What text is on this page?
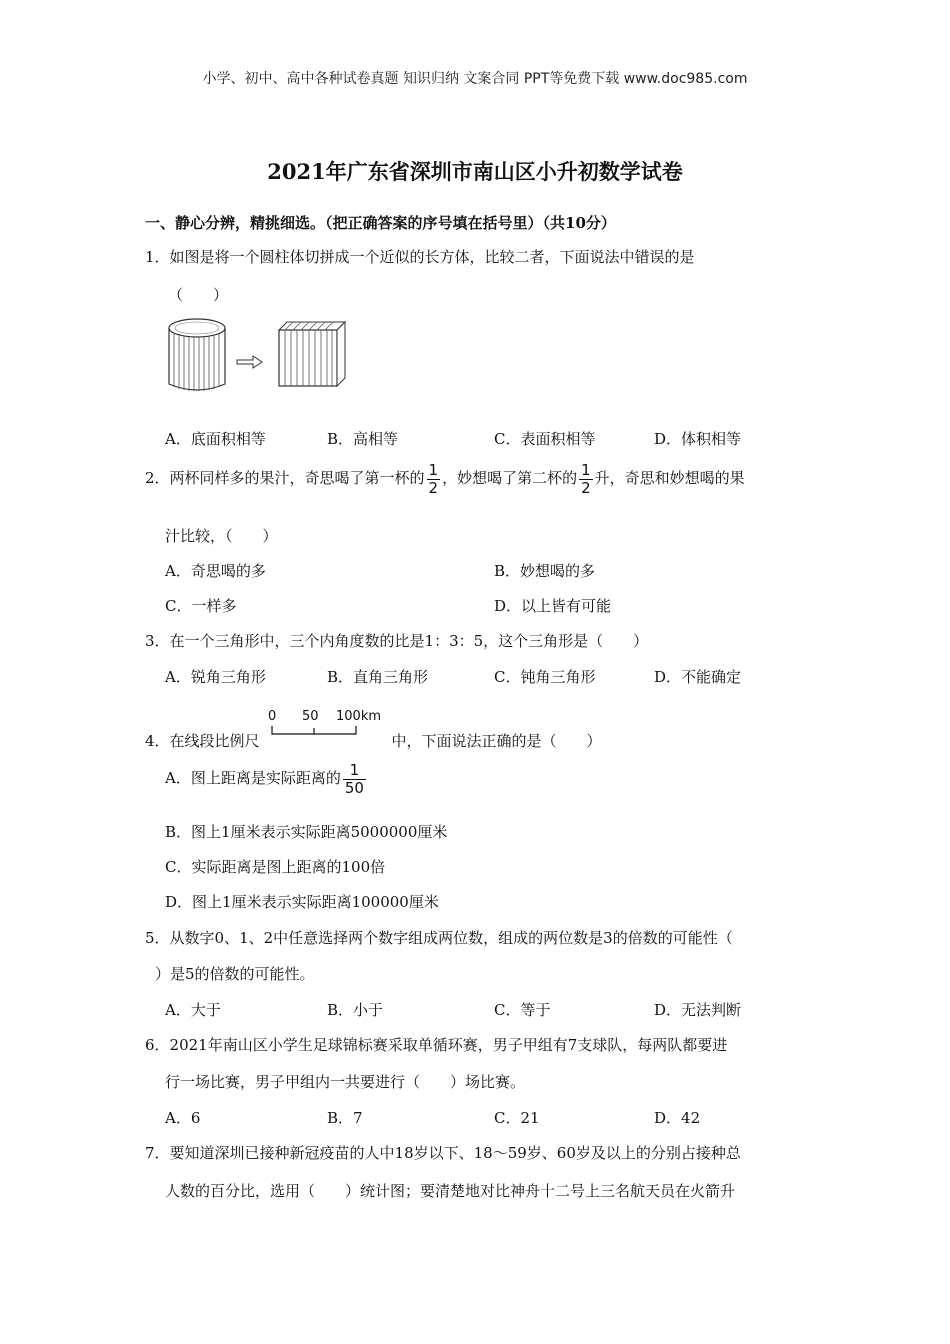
小学、初中、高中各种试卷真题 知识归纳 文案合同 PPT等免费下载 www.doc985.com
2021年广东省深圳市南山区小升初数学试卷
一、静心分辨，精挑细选。（把正确答案的序号填在括号里）（共10分）
1．如图是将一个圆柱体切拼成一个近似的长方体，比较二者，下面说法中错误的是
（　　）
A．底面积相等	B．高相等	C．表面积相等	D．体积相等
2．两杯同样多的果汁，奇思喝了第一杯的 $\frac{1}{2}$ ，妙想喝了第二杯的 $\frac{1}{2}$ 升，奇思和妙想喝的果
汁比较，（　　）
A．奇思喝的多	B．妙想喝的多
C．一样多	D．以上皆有可能
3．在一个三角形中，三个内角度数的比是1：3：5，这个三角形是（　　）
A．锐角三角形	B．直角三角形	C．钝角三角形	D．不能确定
4．在线段比例尺
0 50 100km
中，下面说法正确的是（　　）
A．图上距离是实际距离的 $\frac{1}{50}$
B．图上1厘米表示实际距离5000000厘米
C．实际距离是图上距离的100倍
D．图上1厘米表示实际距离100000厘米
5．从数字0、1、2中任意选择两个数字组成两位数，组成的两位数是3的倍数的可能性（
）是5的倍数的可能性。
A．大于	B．小于	C．等于	D．无法判断
6．2021年南山区小学生足球锦标赛采取单循环赛，男子甲组有7支球队，每两队都要进
行一场比赛，男子甲组内一共要进行（　　）场比赛。
A．6	B．7	C．21	D．42
7．要知道深圳已接种新冠疫苗的人中18岁以下、18～59岁、60岁及以上的分别占接种总
人数的百分比，选用（　　）统计图；要清楚地对比神舟十二号上三名航天员在火箭升
